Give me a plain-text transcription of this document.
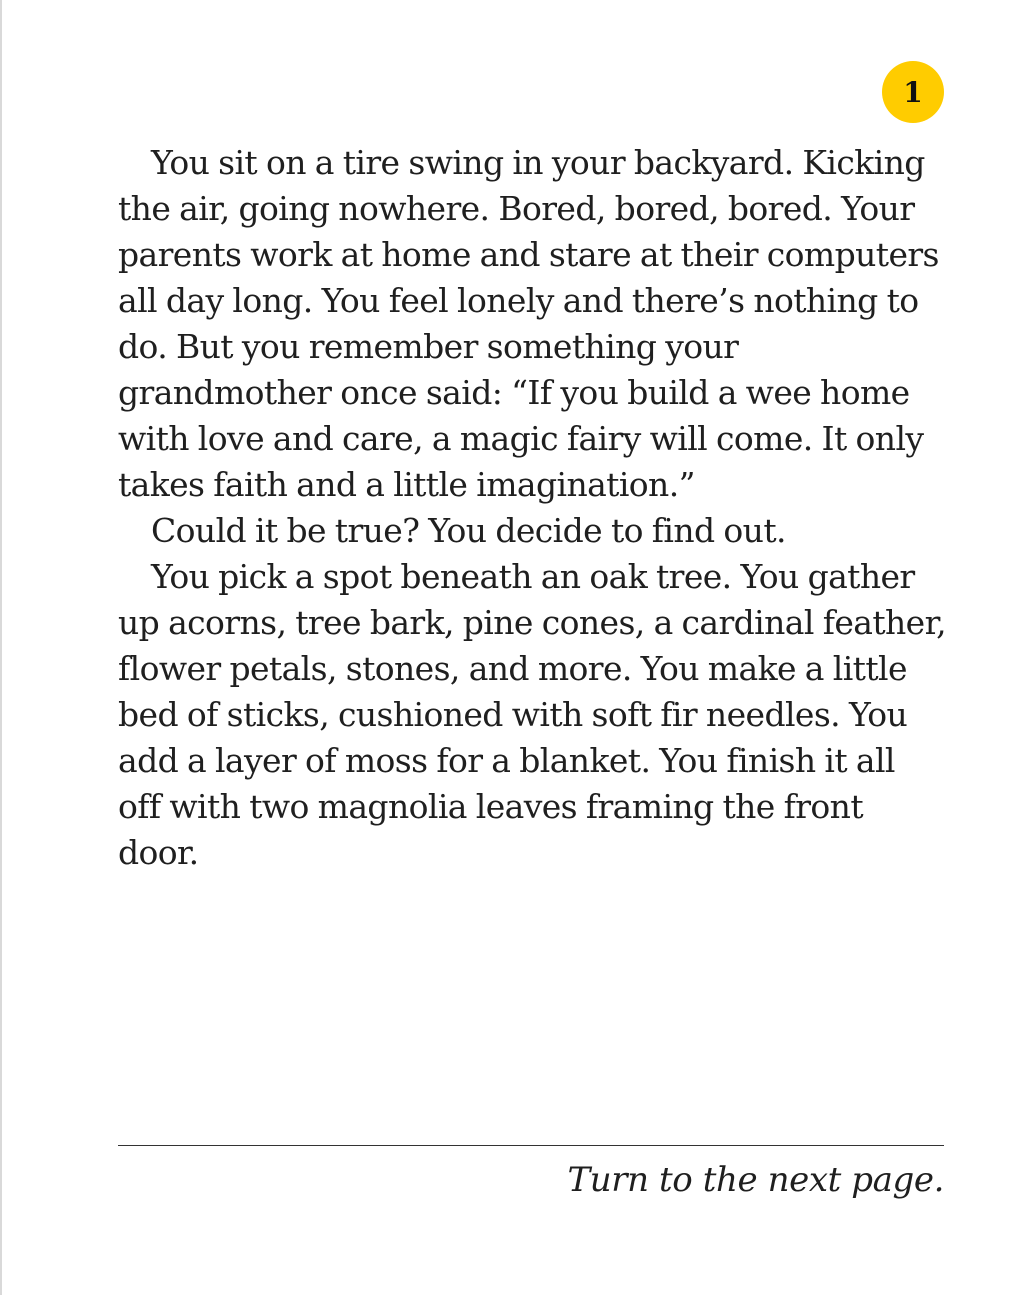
1
You sit on a tire swing in your backyard. Kicking
the air, going nowhere. Bored, bored, bored. Your
parents work at home and stare at their computers
all day long. You feel lonely and there’s nothing to
do. But you remember something your
grandmother once said: “If you build a wee home
with love and care, a magic fairy will come. It only
takes faith and a little imagination.”
Could it be true? You decide to find out.
You pick a spot beneath an oak tree. You gather
up acorns, tree bark, pine cones, a cardinal feather,
flower petals, stones, and more. You make a little
bed of sticks, cushioned with soft fir needles. You
add a layer of moss for a blanket. You finish it all
off with two magnolia leaves framing the front
door.
Turn to the next page.
